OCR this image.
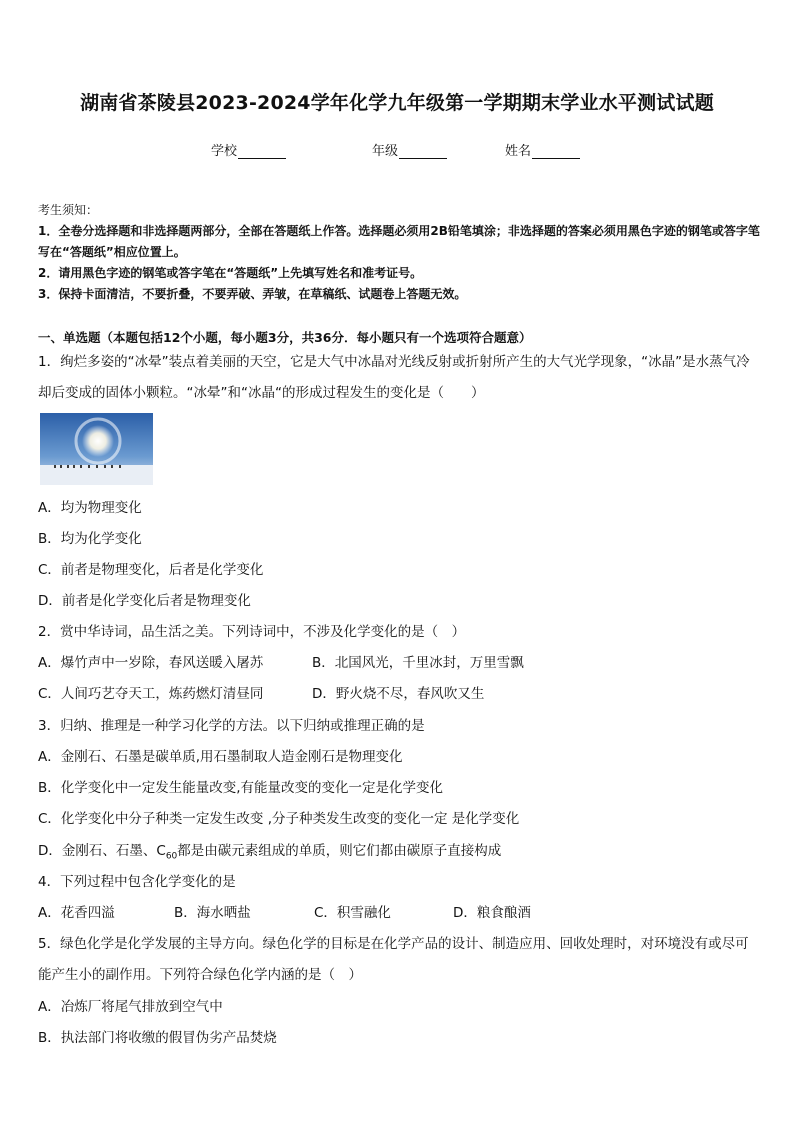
湖南省茶陵县2023-2024学年化学九年级第一学期期末学业水平测试试题
学校	年级	姓名
考生须知：
1．全卷分选择题和非选择题两部分，全部在答题纸上作答。选择题必须用2B铅笔填涂；非选择题的答案必须用黑色字迹的钢笔或答字笔写在“答题纸”相应位置上。
2．请用黑色字迹的钢笔或答字笔在“答题纸”上先填写姓名和准考证号。
3．保持卡面清洁，不要折叠，不要弄破、弄皱，在草稿纸、试题卷上答题无效。
一、单选题（本题包括12个小题，每小题3分，共36分．每小题只有一个选项符合题意）
1．绚烂多姿的“冰晕”装点着美丽的天空，它是大气中冰晶对光线反射或折射所产生的大气光学现象，“冰晶”是水蒸气冷却后变成的固体小颗粒。“冰晕”和“冰晶“的形成过程发生的变化是（　　）
A．均为物理变化
B．均为化学变化
C．前者是物理变化，后者是化学变化
D．前者是化学变化后者是物理变化
2．赏中华诗词，品生活之美。下列诗词中，不涉及化学变化的是（　）
A．爆竹声中一岁除，春风送暖入屠苏	B．北国风光，千里冰封，万里雪飘
C．人间巧艺夺天工，炼药燃灯清昼同	D．野火烧不尽，春风吹又生
3．归纳、推理是一种学习化学的方法。以下归纳或推理正确的是
A．金刚石、石墨是碳单质,用石墨制取人造金刚石是物理变化
B．化学变化中一定发生能量改变,有能量改变的变化一定是化学变化
C．化学变化中分子种类一定发生改变 ,分子种类发生改变的变化一定 是化学变化
D．金刚石、石墨、$C_{60}$都是由碳元素组成的单质，则它们都由碳原子直接构成
4．下列过程中包含化学变化的是
A．花香四溢	B．海水晒盐	C．积雪融化	D．粮食酿酒
5．绿色化学是化学发展的主导方向。绿色化学的目标是在化学产品的设计、制造应用、回收处理时，对环境没有或尽可能产生小的副作用。下列符合绿色化学内涵的是（　）
A．冶炼厂将尾气排放到空气中
B．执法部门将收缴的假冒伪劣产品焚烧
